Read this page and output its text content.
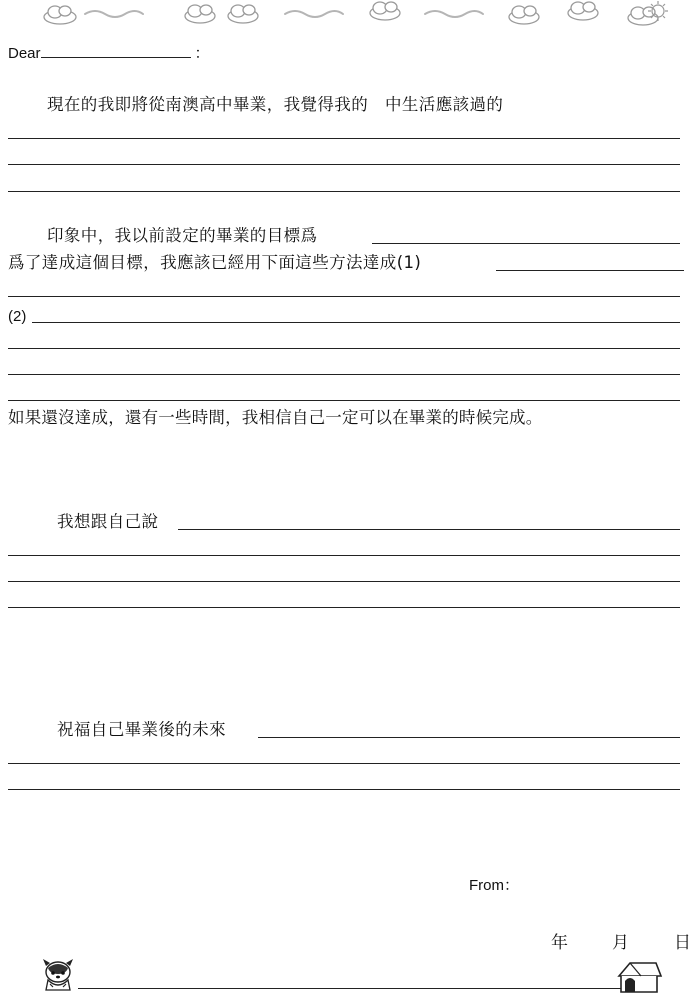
Dear	：
現在的我即將從南澳高中畢業，我覺得我的　中生活應該過的
印象中，我以前設定的畢業的目標爲
爲了達成這個目標，我應該已經用下面這些方法達成(1)
(2)
如果還沒達成，還有一些時間，我相信自己一定可以在畢業的時候完成。
我想跟自己說
祝福自己畢業後的未來
From：
年	月	日
